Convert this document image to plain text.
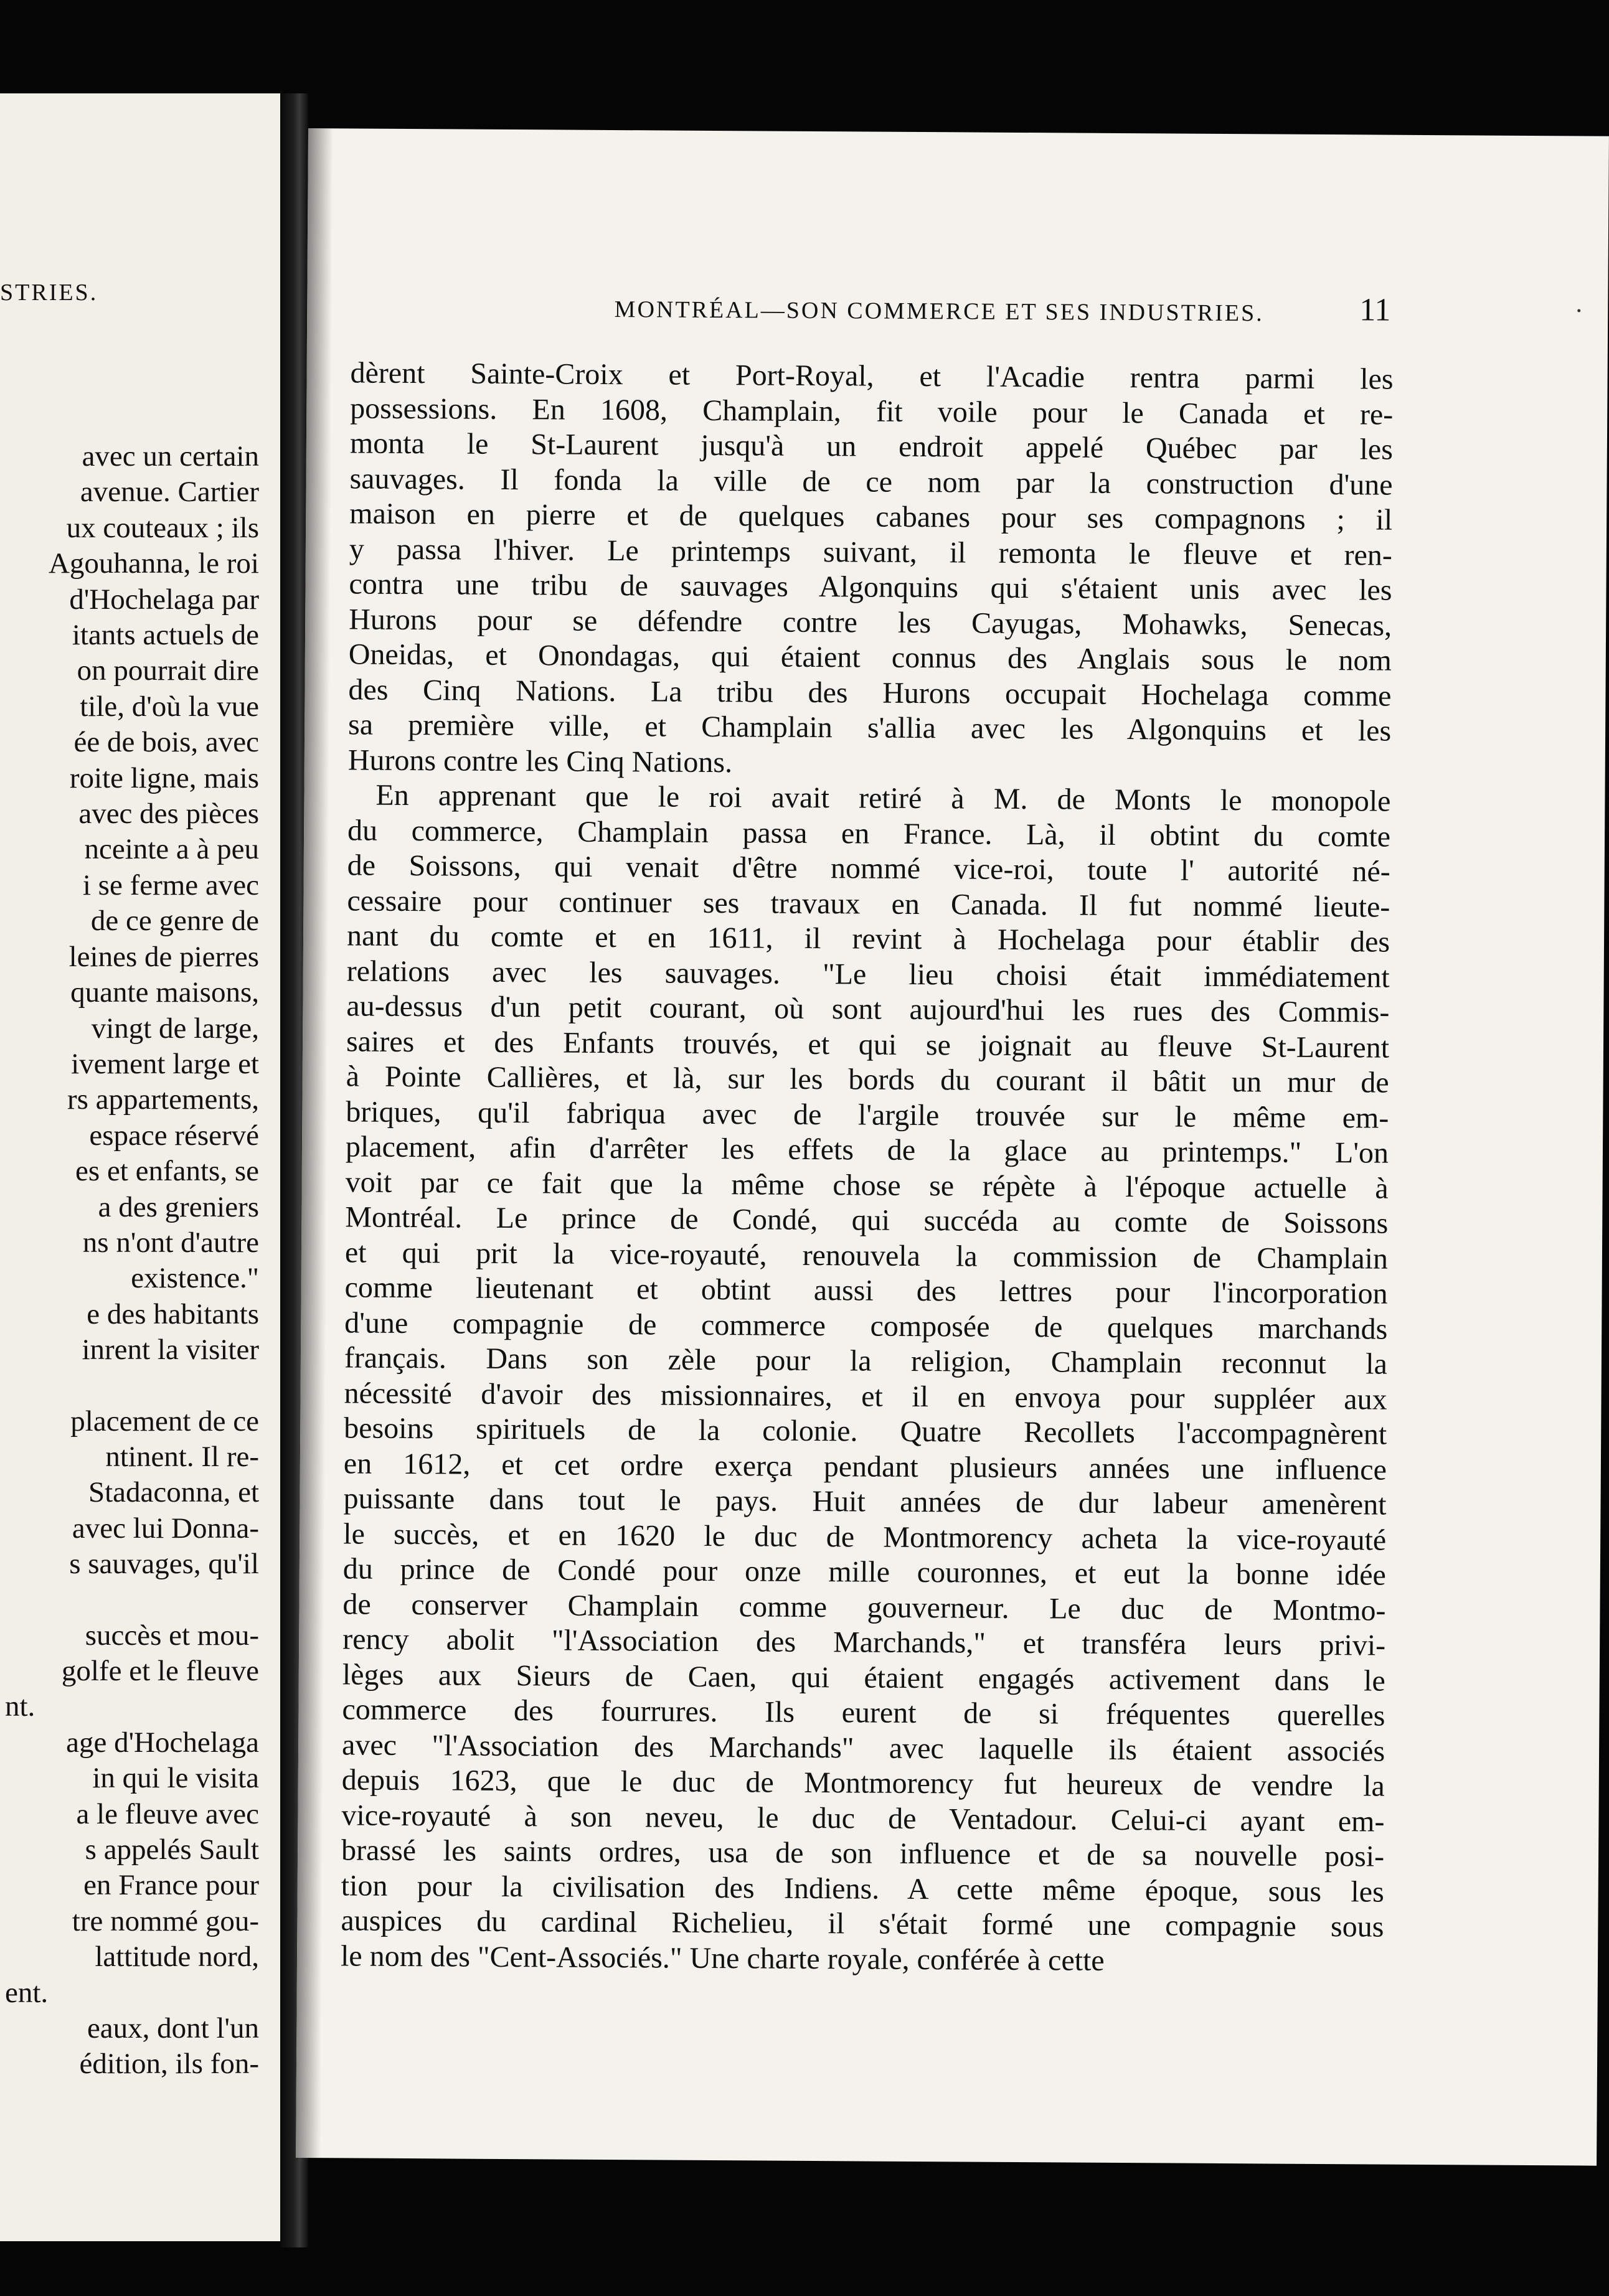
STRIES.
avec un certain
avenue. Cartier
ux couteaux ; ils
Agouhanna, le roi
d'Hochelaga par
itants actuels de
on pourrait dire
tile, d'où la vue
ée de bois, avec
roite ligne, mais
avec des pièces
nceinte a à peu
i se ferme avec
de ce genre de
leines de pierres
quante maisons,
vingt de large,
ivement large et
rs appartements,
espace réservé
es et enfants, se
a des greniers
ns n'ont d'autre
existence."
e des habitants
inrent la visiter
placement de ce
ntinent. Il re-
Stadaconna, et
avec lui Donna-
s sauvages, qu'il
succès et mou-
golfe et le fleuve
nt.
age d'Hochelaga
in qui le visita
a le fleuve avec
s appelés Sault
en France pour
tre nommé gou-
lattitude nord,
ent.
eaux, dont l'un
édition, ils fon-
MONTRÉAL—SON COMMERCE ET SES INDUSTRIES.	11
dèrent Sainte-Croix et Port-Royal, et l'Acadie rentra parmi les
possessions. En 1608, Champlain, fit voile pour le Canada et re-
monta le St-Laurent jusqu'à un endroit appelé Québec par les
sauvages. Il fonda la ville de ce nom par la construction d'une
maison en pierre et de quelques cabanes pour ses compagnons ; il
y passa l'hiver. Le printemps suivant, il remonta le fleuve et ren-
contra une tribu de sauvages Algonquins qui s'étaient unis avec les
Hurons pour se défendre contre les Cayugas, Mohawks, Senecas,
Oneidas, et Onondagas, qui étaient connus des Anglais sous le nom
des Cinq Nations. La tribu des Hurons occupait Hochelaga comme
sa première ville, et Champlain s'allia avec les Algonquins et les
Hurons contre les Cinq Nations.
En apprenant que le roi avait retiré à M. de Monts le monopole
du commerce, Champlain passa en France. Là, il obtint du comte
de Soissons, qui venait d'être nommé vice-roi, toute l' autorité né-
cessaire pour continuer ses travaux en Canada. Il fut nommé lieute-
nant du comte et en 1611, il revint à Hochelaga pour établir des
relations avec les sauvages. "Le lieu choisi était immédiatement
au-dessus d'un petit courant, où sont aujourd'hui les rues des Commis-
saires et des Enfants trouvés, et qui se joignait au fleuve St-Laurent
à Pointe Callières, et là, sur les bords du courant il bâtit un mur de
briques, qu'il fabriqua avec de l'argile trouvée sur le même em-
placement, afin d'arrêter les effets de la glace au printemps." L'on
voit par ce fait que la même chose se répète à l'époque actuelle à
Montréal. Le prince de Condé, qui succéda au comte de Soissons
et qui prit la vice-royauté, renouvela la commission de Champlain
comme lieutenant et obtint aussi des lettres pour l'incorporation
d'une compagnie de commerce composée de quelques marchands
français. Dans son zèle pour la religion, Champlain reconnut la
nécessité d'avoir des missionnaires, et il en envoya pour suppléer aux
besoins spirituels de la colonie. Quatre Recollets l'accompagnèrent
en 1612, et cet ordre exerça pendant plusieurs années une influence
puissante dans tout le pays. Huit années de dur labeur amenèrent
le succès, et en 1620 le duc de Montmorency acheta la vice-royauté
du prince de Condé pour onze mille couronnes, et eut la bonne idée
de conserver Champlain comme gouverneur. Le duc de Montmo-
rency abolit "l'Association des Marchands," et transféra leurs privi-
lèges aux Sieurs de Caen, qui étaient engagés activement dans le
commerce des fourrures. Ils eurent de si fréquentes querelles
avec "l'Association des Marchands" avec laquelle ils étaient associés
depuis 1623, que le duc de Montmorency fut heureux de vendre la
vice-royauté à son neveu, le duc de Ventadour. Celui-ci ayant em-
brassé les saints ordres, usa de son influence et de sa nouvelle posi-
tion pour la civilisation des Indiens. A cette même époque, sous les
auspices du cardinal Richelieu, il s'était formé une compagnie sous
le nom des "Cent-Associés." Une charte royale, conférée à cette
